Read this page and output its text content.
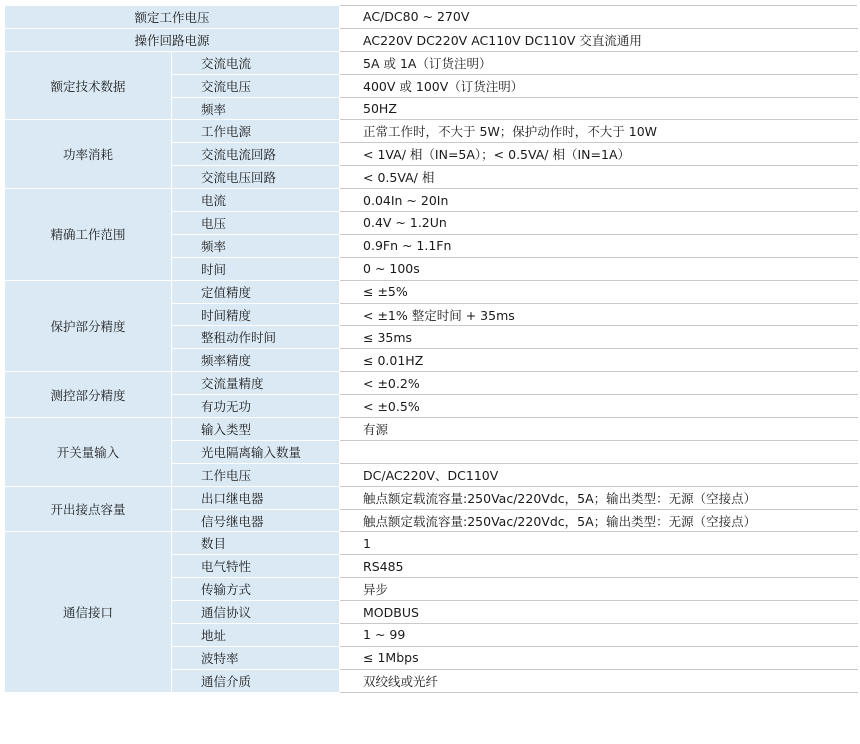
额定工作电压		AC/DC80 ~ 270V
操作回路电源		AC220V DC220V AC110V DC110V 交直流通用
额定技术数据	交流电流	5A 或 1A（订货注明）
	交流电压	400V 或 100V（订货注明）
	频率	50HZ
功率消耗	工作电源	正常工作时，不大于 5W；保护动作时，不大于 10W
	交流电流回路	< 1VA/ 相（IN=5A）；< 0.5VA/ 相（IN=1A）
	交流电压回路	< 0.5VA/ 相
精确工作范围	电流	0.04In ~ 20In
	电压	0.4V ~ 1.2Un
	频率	0.9Fn ~ 1.1Fn
	时间	0 ~ 100s
保护部分精度	定值精度	≤ ±5%
	时间精度	< ±1% 整定时间 + 35ms
	整租动作时间	≤ 35ms
	频率精度	≤ 0.01HZ
测控部分精度	交流量精度	< ±0.2%
	有功无功	< ±0.5%
开关量输入	输入类型	有源
	光电隔离输入数量	
	工作电压	DC/AC220V、DC110V
开出接点容量	出口继电器	触点额定载流容量:250Vac/220Vdc，5A；输出类型：无源（空接点）
	信号继电器	触点额定载流容量:250Vac/220Vdc，5A；输出类型：无源（空接点）
通信接口	数目	1
	电气特性	RS485
	传输方式	异步
	通信协议	MODBUS
	地址	1 ~ 99
	波特率	≤ 1Mbps
	通信介质	双绞线或光纤
